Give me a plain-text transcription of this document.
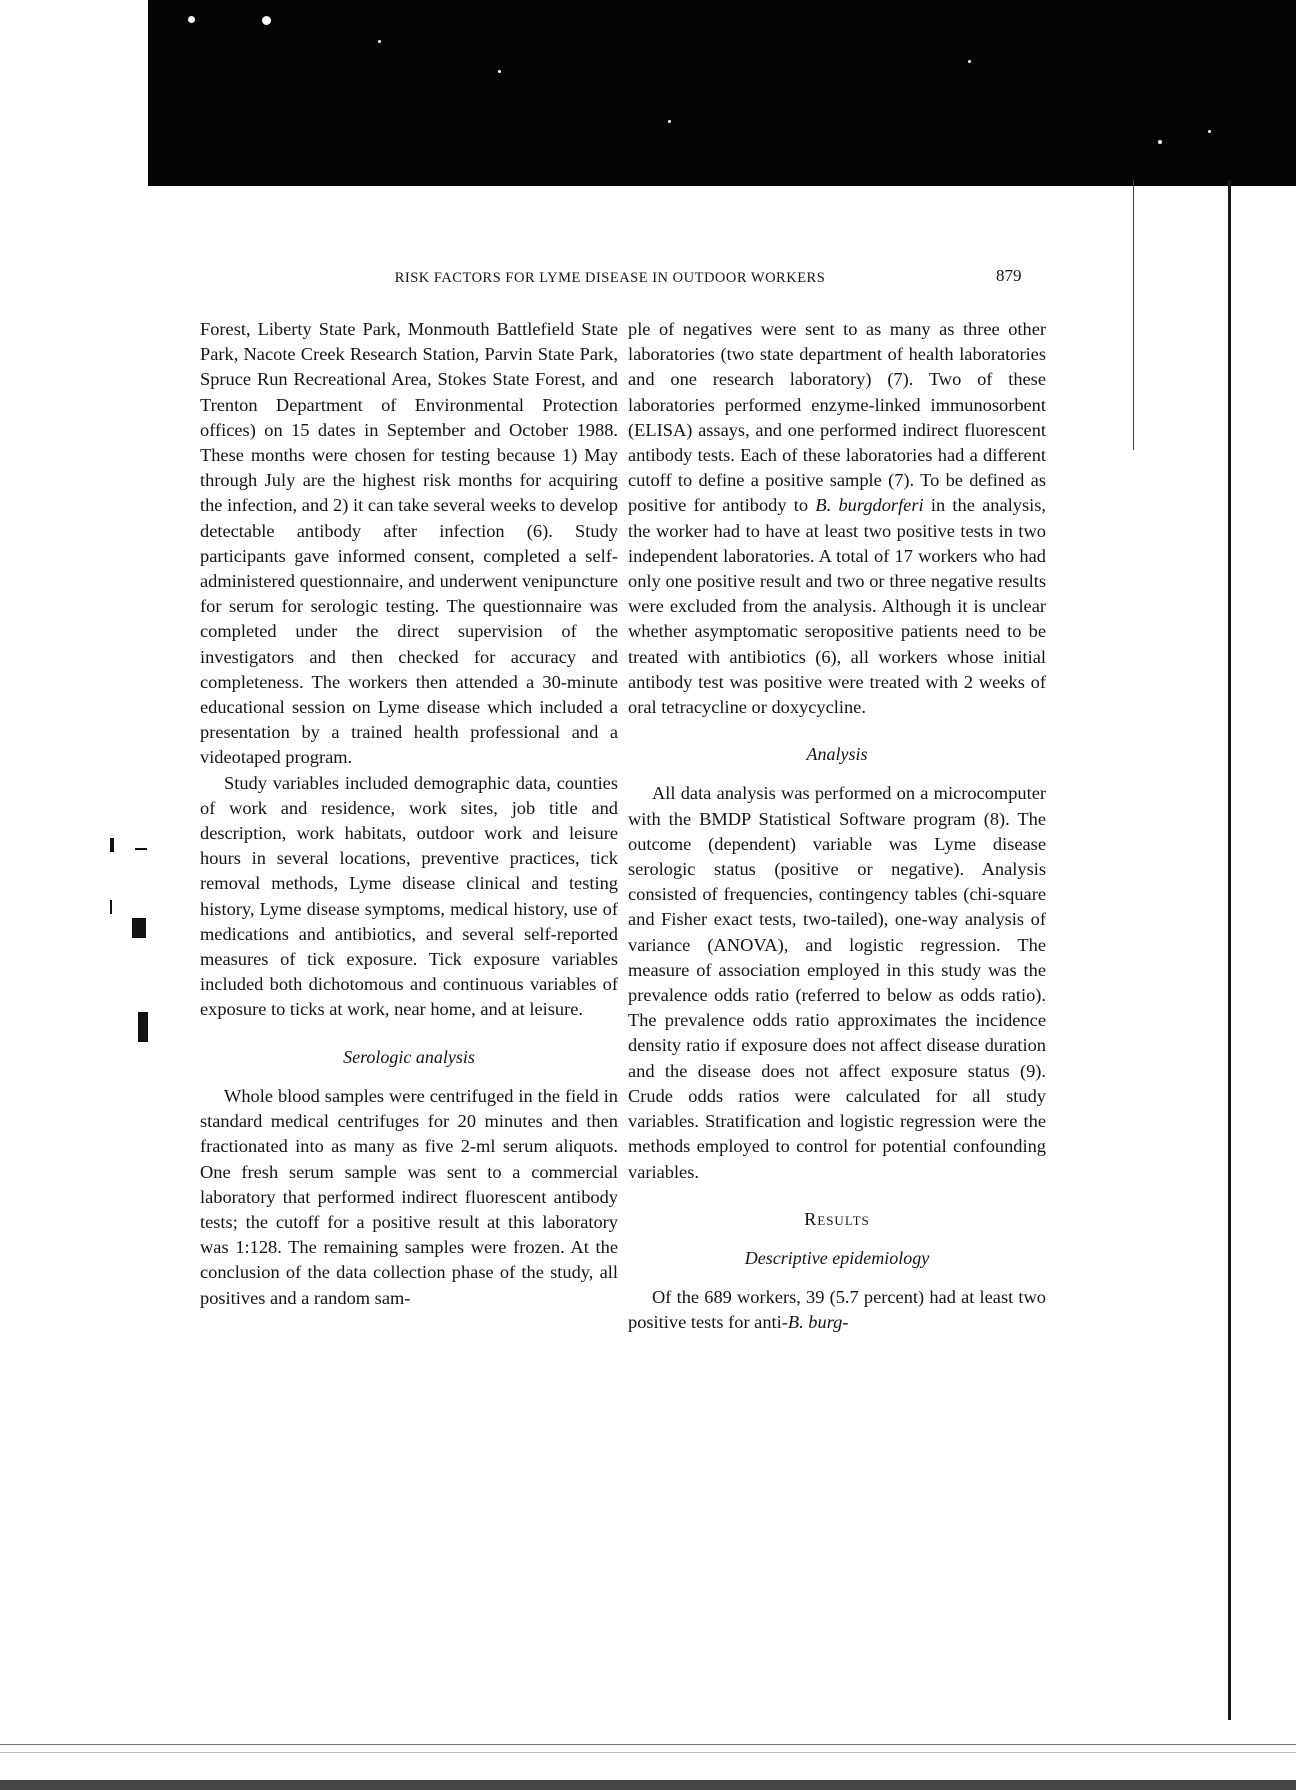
RISK FACTORS FOR LYME DISEASE IN OUTDOOR WORKERS	879

Forest, Liberty State Park, Monmouth Battlefield State Park, Nacote Creek Research Station, Parvin State Park, Spruce Run Recreational Area, Stokes State Forest, and Trenton Department of Environmental Protection offices) on 15 dates in September and October 1988. These months were chosen for testing because 1) May through July are the highest risk months for acquiring the infection, and 2) it can take several weeks to develop detectable antibody after infection (6). Study participants gave informed consent, completed a self-administered questionnaire, and underwent venipuncture for serum for serologic testing. The questionnaire was completed under the direct supervision of the investigators and then checked for accuracy and completeness. The workers then attended a 30-minute educational session on Lyme disease which included a presentation by a trained health professional and a videotaped program.

Study variables included demographic data, counties of work and residence, work sites, job title and description, work habitats, outdoor work and leisure hours in several locations, preventive practices, tick removal methods, Lyme disease clinical and testing history, Lyme disease symptoms, medical history, use of medications and antibiotics, and several self-reported measures of tick exposure. Tick exposure variables included both dichotomous and continuous variables of exposure to ticks at work, near home, and at leisure.

Serologic analysis

Whole blood samples were centrifuged in the field in standard medical centrifuges for 20 minutes and then fractionated into as many as five 2-ml serum aliquots. One fresh serum sample was sent to a commercial laboratory that performed indirect fluorescent antibody tests; the cutoff for a positive result at this laboratory was 1:128. The remaining samples were frozen. At the conclusion of the data collection phase of the study, all positives and a random sam-

ple of negatives were sent to as many as three other laboratories (two state department of health laboratories and one research laboratory) (7). Two of these laboratories performed enzyme-linked immunosorbent (ELISA) assays, and one performed indirect fluorescent antibody tests. Each of these laboratories had a different cutoff to define a positive sample (7). To be defined as positive for antibody to B. burgdorferi in the analysis, the worker had to have at least two positive tests in two independent laboratories. A total of 17 workers who had only one positive result and two or three negative results were excluded from the analysis. Although it is unclear whether asymptomatic seropositive patients need to be treated with antibiotics (6), all workers whose initial antibody test was positive were treated with 2 weeks of oral tetracycline or doxycycline.

Analysis

All data analysis was performed on a microcomputer with the BMDP Statistical Software program (8). The outcome (dependent) variable was Lyme disease serologic status (positive or negative). Analysis consisted of frequencies, contingency tables (chi-square and Fisher exact tests, two-tailed), one-way analysis of variance (ANOVA), and logistic regression. The measure of association employed in this study was the prevalence odds ratio (referred to below as odds ratio). The prevalence odds ratio approximates the incidence density ratio if exposure does not affect disease duration and the disease does not affect exposure status (9). Crude odds ratios were calculated for all study variables. Stratification and logistic regression were the methods employed to control for potential confounding variables.

Results
Descriptive epidemiology

Of the 689 workers, 39 (5.7 percent) had at least two positive tests for anti-B. burg-
